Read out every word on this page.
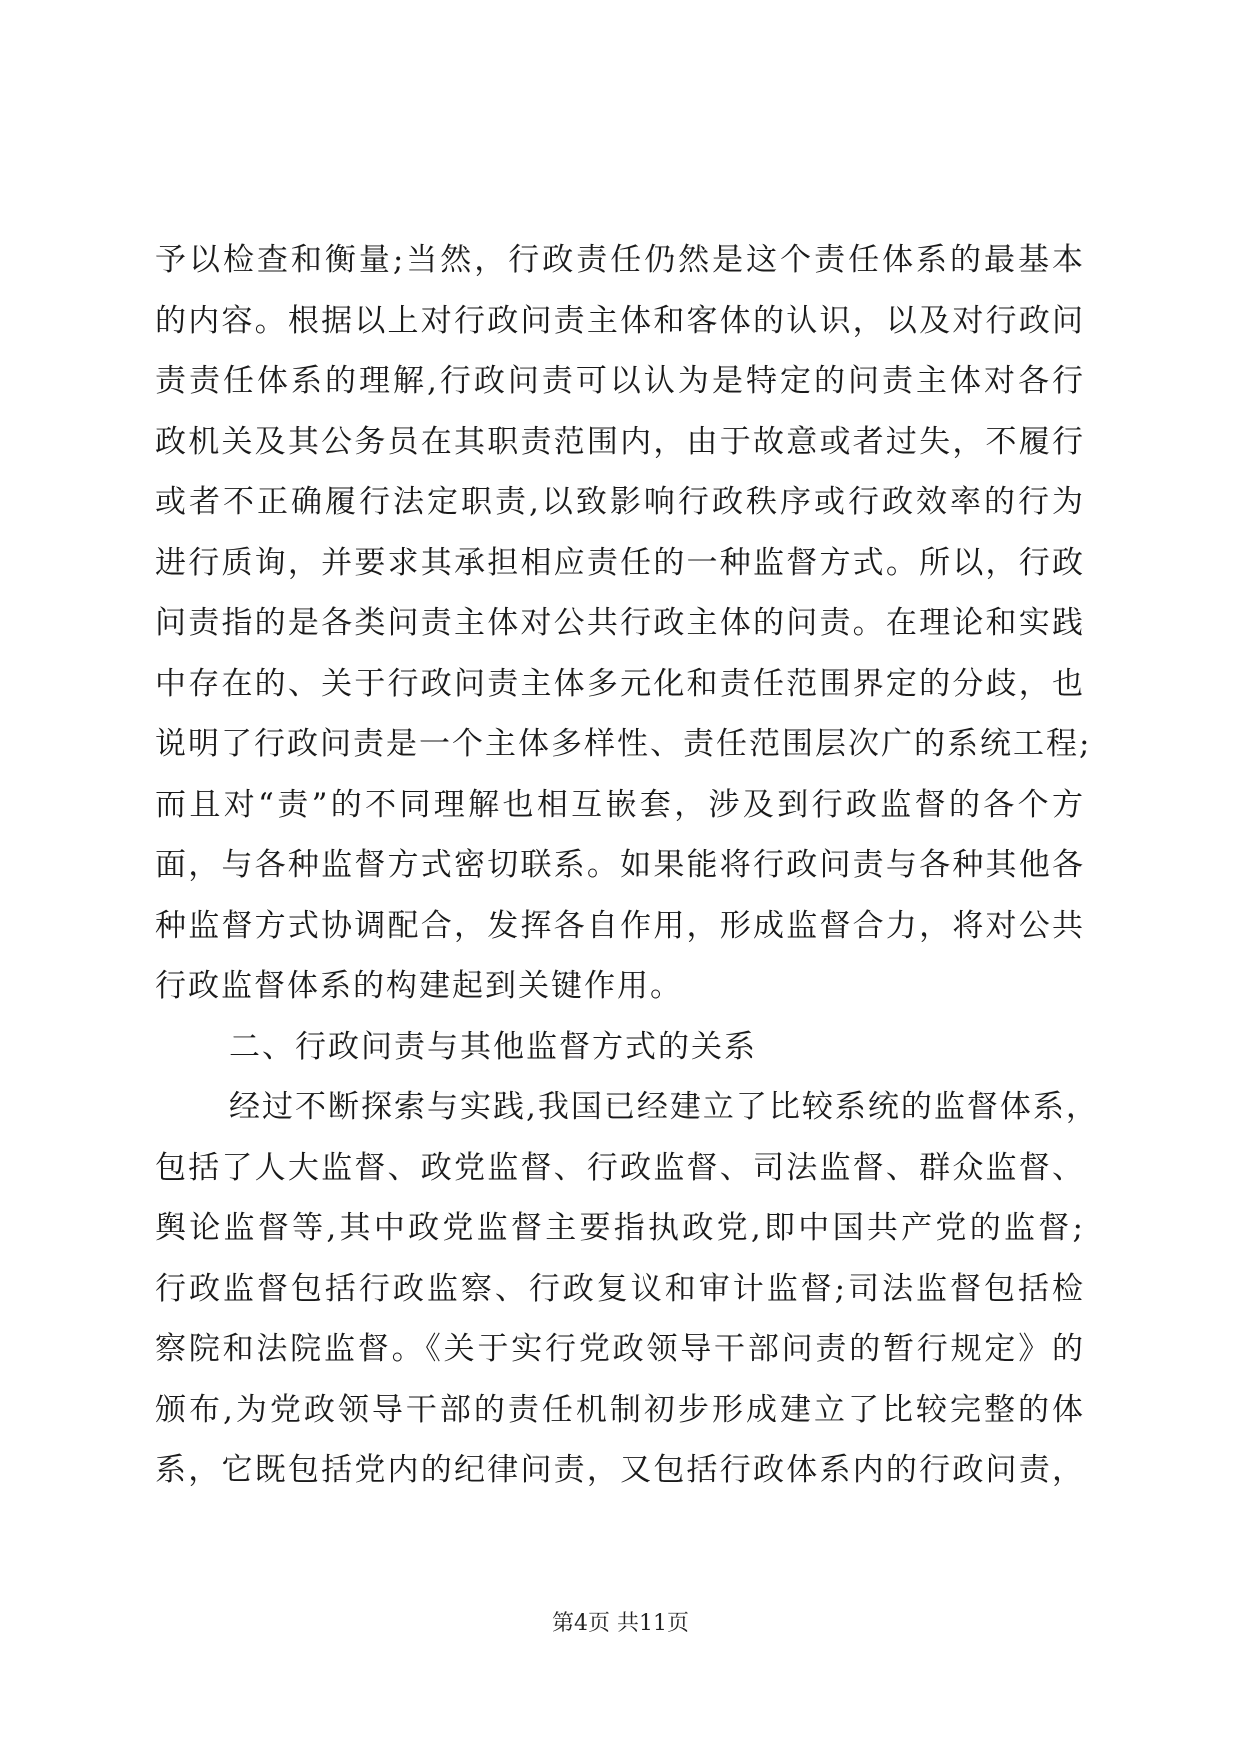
予以检查和衡量;当然，行政责任仍然是这个责任体系的最基本
的内容。根据以上对行政问责主体和客体的认识，以及对行政问
责责任体系的理解,行政问责可以认为是特定的问责主体对各行
政机关及其公务员在其职责范围内，由于故意或者过失，不履行
或者不正确履行法定职责,以致影响行政秩序或行政效率的行为
进行质询，并要求其承担相应责任的一种监督方式。所以，行政
问责指的是各类问责主体对公共行政主体的问责。在理论和实践
中存在的、关于行政问责主体多元化和责任范围界定的分歧，也
说明了行政问责是一个主体多样性、责任范围层次广的系统工程;
而且对“责”的不同理解也相互嵌套，涉及到行政监督的各个方
面，与各种监督方式密切联系。如果能将行政问责与各种其他各
种监督方式协调配合，发挥各自作用，形成监督合力，将对公共
行政监督体系的构建起到关键作用。
二、行政问责与其他监督方式的关系
经过不断探索与实践,我国已经建立了比较系统的监督体系，
包括了人大监督、政党监督、行政监督、司法监督、群众监督、
舆论监督等,其中政党监督主要指执政党,即中国共产党的监督;
行政监督包括行政监察、行政复议和审计监督;司法监督包括检
察院和法院监督。《关于实行党政领导干部问责的暂行规定》的
颁布,为党政领导干部的责任机制初步形成建立了比较完整的体
系，它既包括党内的纪律问责，又包括行政体系内的行政问责，
第4页 共11页
